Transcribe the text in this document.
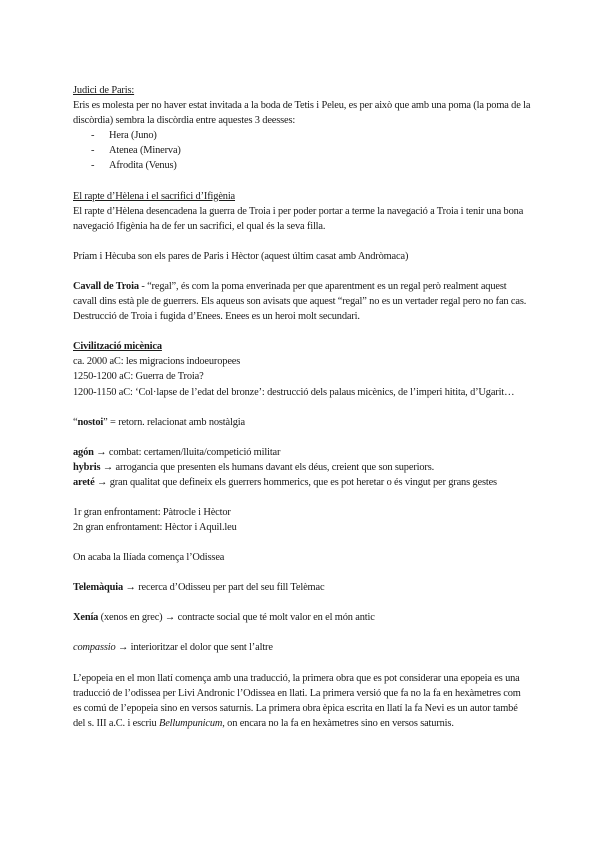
Judici de Paris:

Eris es molesta per no haver estat invitada a la boda de Tetis i Peleu, es per això que amb una poma (la poma de la discòrdia) sembra la discòrdia entre aquestes 3 deesses:

- Hera (Juno)
- Atenea (Minerva)
- Afrodita (Venus)

El rapte d’Hèlena i el sacrifici d’Ifigènia

El rapte d’Hèlena desencadena la guerra de Troia i per poder portar a terme la navegació a Troia i tenir una bona navegació Ifigènia ha de fer un sacrifici, el qual és la seva filla.

Príam i Hècuba son els pares de Paris i Hèctor (aquest últim casat amb Andròmaca)

Cavall de Troia - “regal”, és com la poma enverinada per que aparentment es un regal però realment aquest cavall dins està ple de guerrers. Els aqueus son avisats que aquest “regal” no es un vertader regal pero no fan cas.

Destrucció de Troia i fugida d’Enees. Enees es un heroi molt secundari.

Civilització micènica

ca. 2000 aC: les migracions indoeuropees

1250-1200 aC: Guerra de Troia?

1200-1150 aC: ‘Col·lapse de l’edat del bronze’: destrucció dels palaus micènics, de l’imperi hitita, d’Ugarit…

“nostoi” = retorn. relacionat amb nostàlgia

agón → combat: certamen/lluita/competició militar

hybris → arrogancia que presenten els humans davant els déus, creient que son superiors.

areté → gran qualitat que defineix els guerrers hommerics, que es pot heretar o és vingut per grans gestes

1r gran enfrontament: Pàtrocle i Hèctor

2n gran enfrontament: Hèctor i Aquil.leu

On acaba la Ilíada comença l’Odissea

Telemàquia → recerca d’Odisseu per part del seu fill Telèmac

Xenía (xenos en grec) → contracte social que té molt valor en el món antic

compassio → interioritzar el dolor que sent l’altre

L’epopeia en el mon llatí comença amb una traducció, la primera obra que es pot considerar una epopeia es una traducció de l’odissea per Livi Andronic l’Odissea en llati. La primera versió que fa no la fa en hexàmetres com es comú de l’epopeia sino en versos saturnis. La primera obra èpica escrita en llatí la fa Nevi es un autor també del s. III a.C. i escriu Bellumpunicum, on encara no la fa en hexàmetres sino en versos saturnis.
